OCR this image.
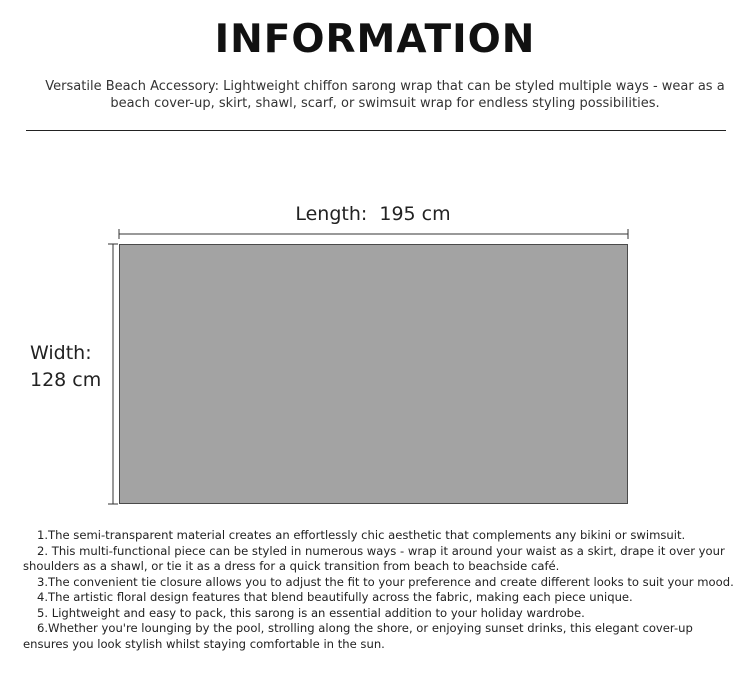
INFORMATION
Versatile Beach Accessory: Lightweight chiffon sarong wrap that can be styled multiple ways - wear as a beach cover-up, skirt, shawl, scarf, or swimsuit wrap for endless styling possibilities.
Length:  195 cm
Width:
128 cm

1.The semi-transparent material creates an effortlessly chic aesthetic that complements any bikini or swimsuit.

2. This multi-functional piece can be styled in numerous ways - wrap it around your waist as a skirt, drape it over your shoulders as a shawl, or tie it as a dress for a quick transition from beach to beachside café.

3.The convenient tie closure allows you to adjust the fit to your preference and create different looks to suit your mood.

4.The artistic floral design features that blend beautifully across the fabric, making each piece unique.

5. Lightweight and easy to pack, this sarong is an essential addition to your holiday wardrobe.

6.Whether you're lounging by the pool, strolling along the shore, or enjoying sunset drinks, this elegant cover-up ensures you look stylish whilst staying comfortable in the sun.
